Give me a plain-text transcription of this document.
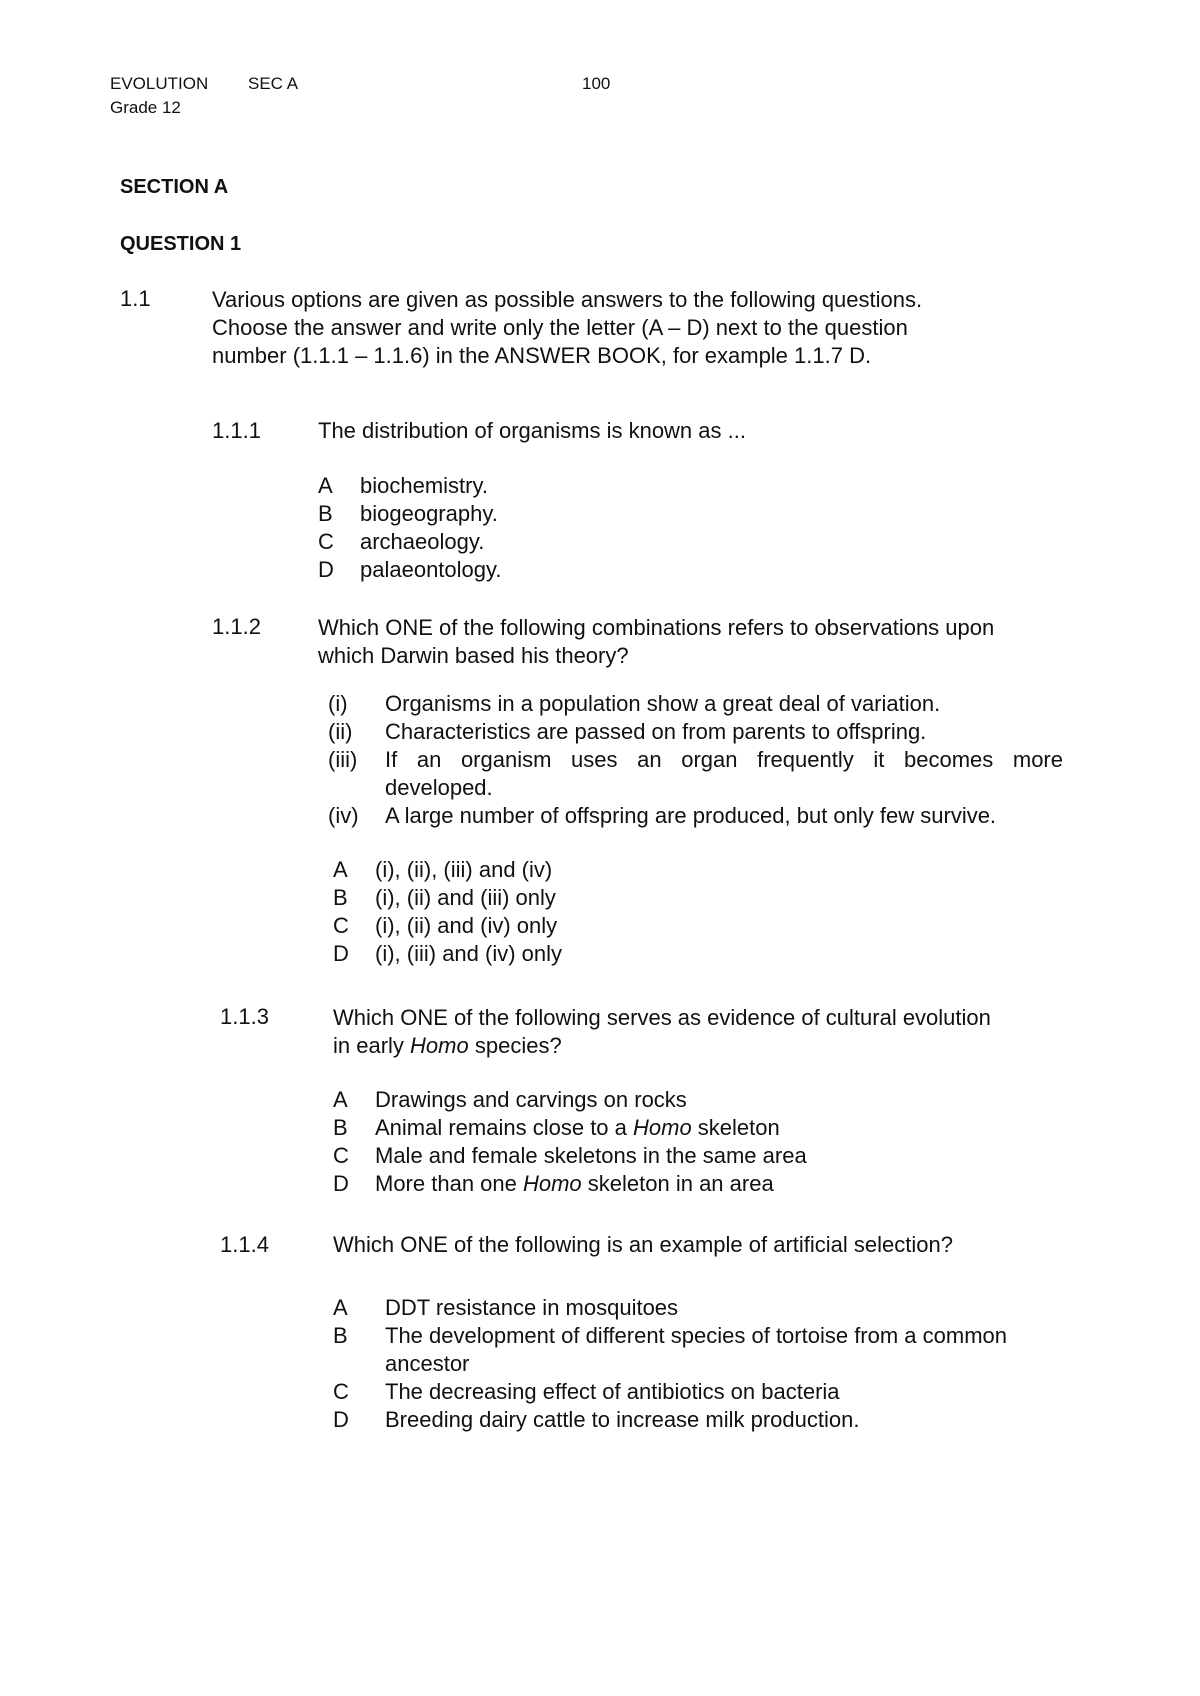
EVOLUTION SEC A	100
Grade 12
SECTION A
QUESTION 1
1.1	Various options are given as possible answers to the following questions.
Choose the answer and write only the letter (A – D) next to the question
number (1.1.1 – 1.1.6) in the ANSWER BOOK, for example 1.1.7 D.
1.1.1	The distribution of organisms is known as ...
A biochemistry.
B biogeography.
C archaeology.
D palaeontology.
1.1.2	Which ONE of the following combinations refers to observations upon
which Darwin based his theory?
(i) Organisms in a population show a great deal of variation.
(ii) Characteristics are passed on from parents to offspring.
(iii) If an organism uses an organ frequently it becomes more
developed.
(iv) A large number of offspring are produced, but only few survive.
A (i), (ii), (iii) and (iv)
B (i), (ii) and (iii) only
C (i), (ii) and (iv) only
D (i), (iii) and (iv) only
1.1.3	Which ONE of the following serves as evidence of cultural evolution
in early Homo species?
A Drawings and carvings on rocks
B Animal remains close to a Homo skeleton
C Male and female skeletons in the same area
D More than one Homo skeleton in an area
1.1.4	Which ONE of the following is an example of artificial selection?
A DDT resistance in mosquitoes
B The development of different species of tortoise from a common
ancestor
C The decreasing effect of antibiotics on bacteria
D Breeding dairy cattle to increase milk production.
